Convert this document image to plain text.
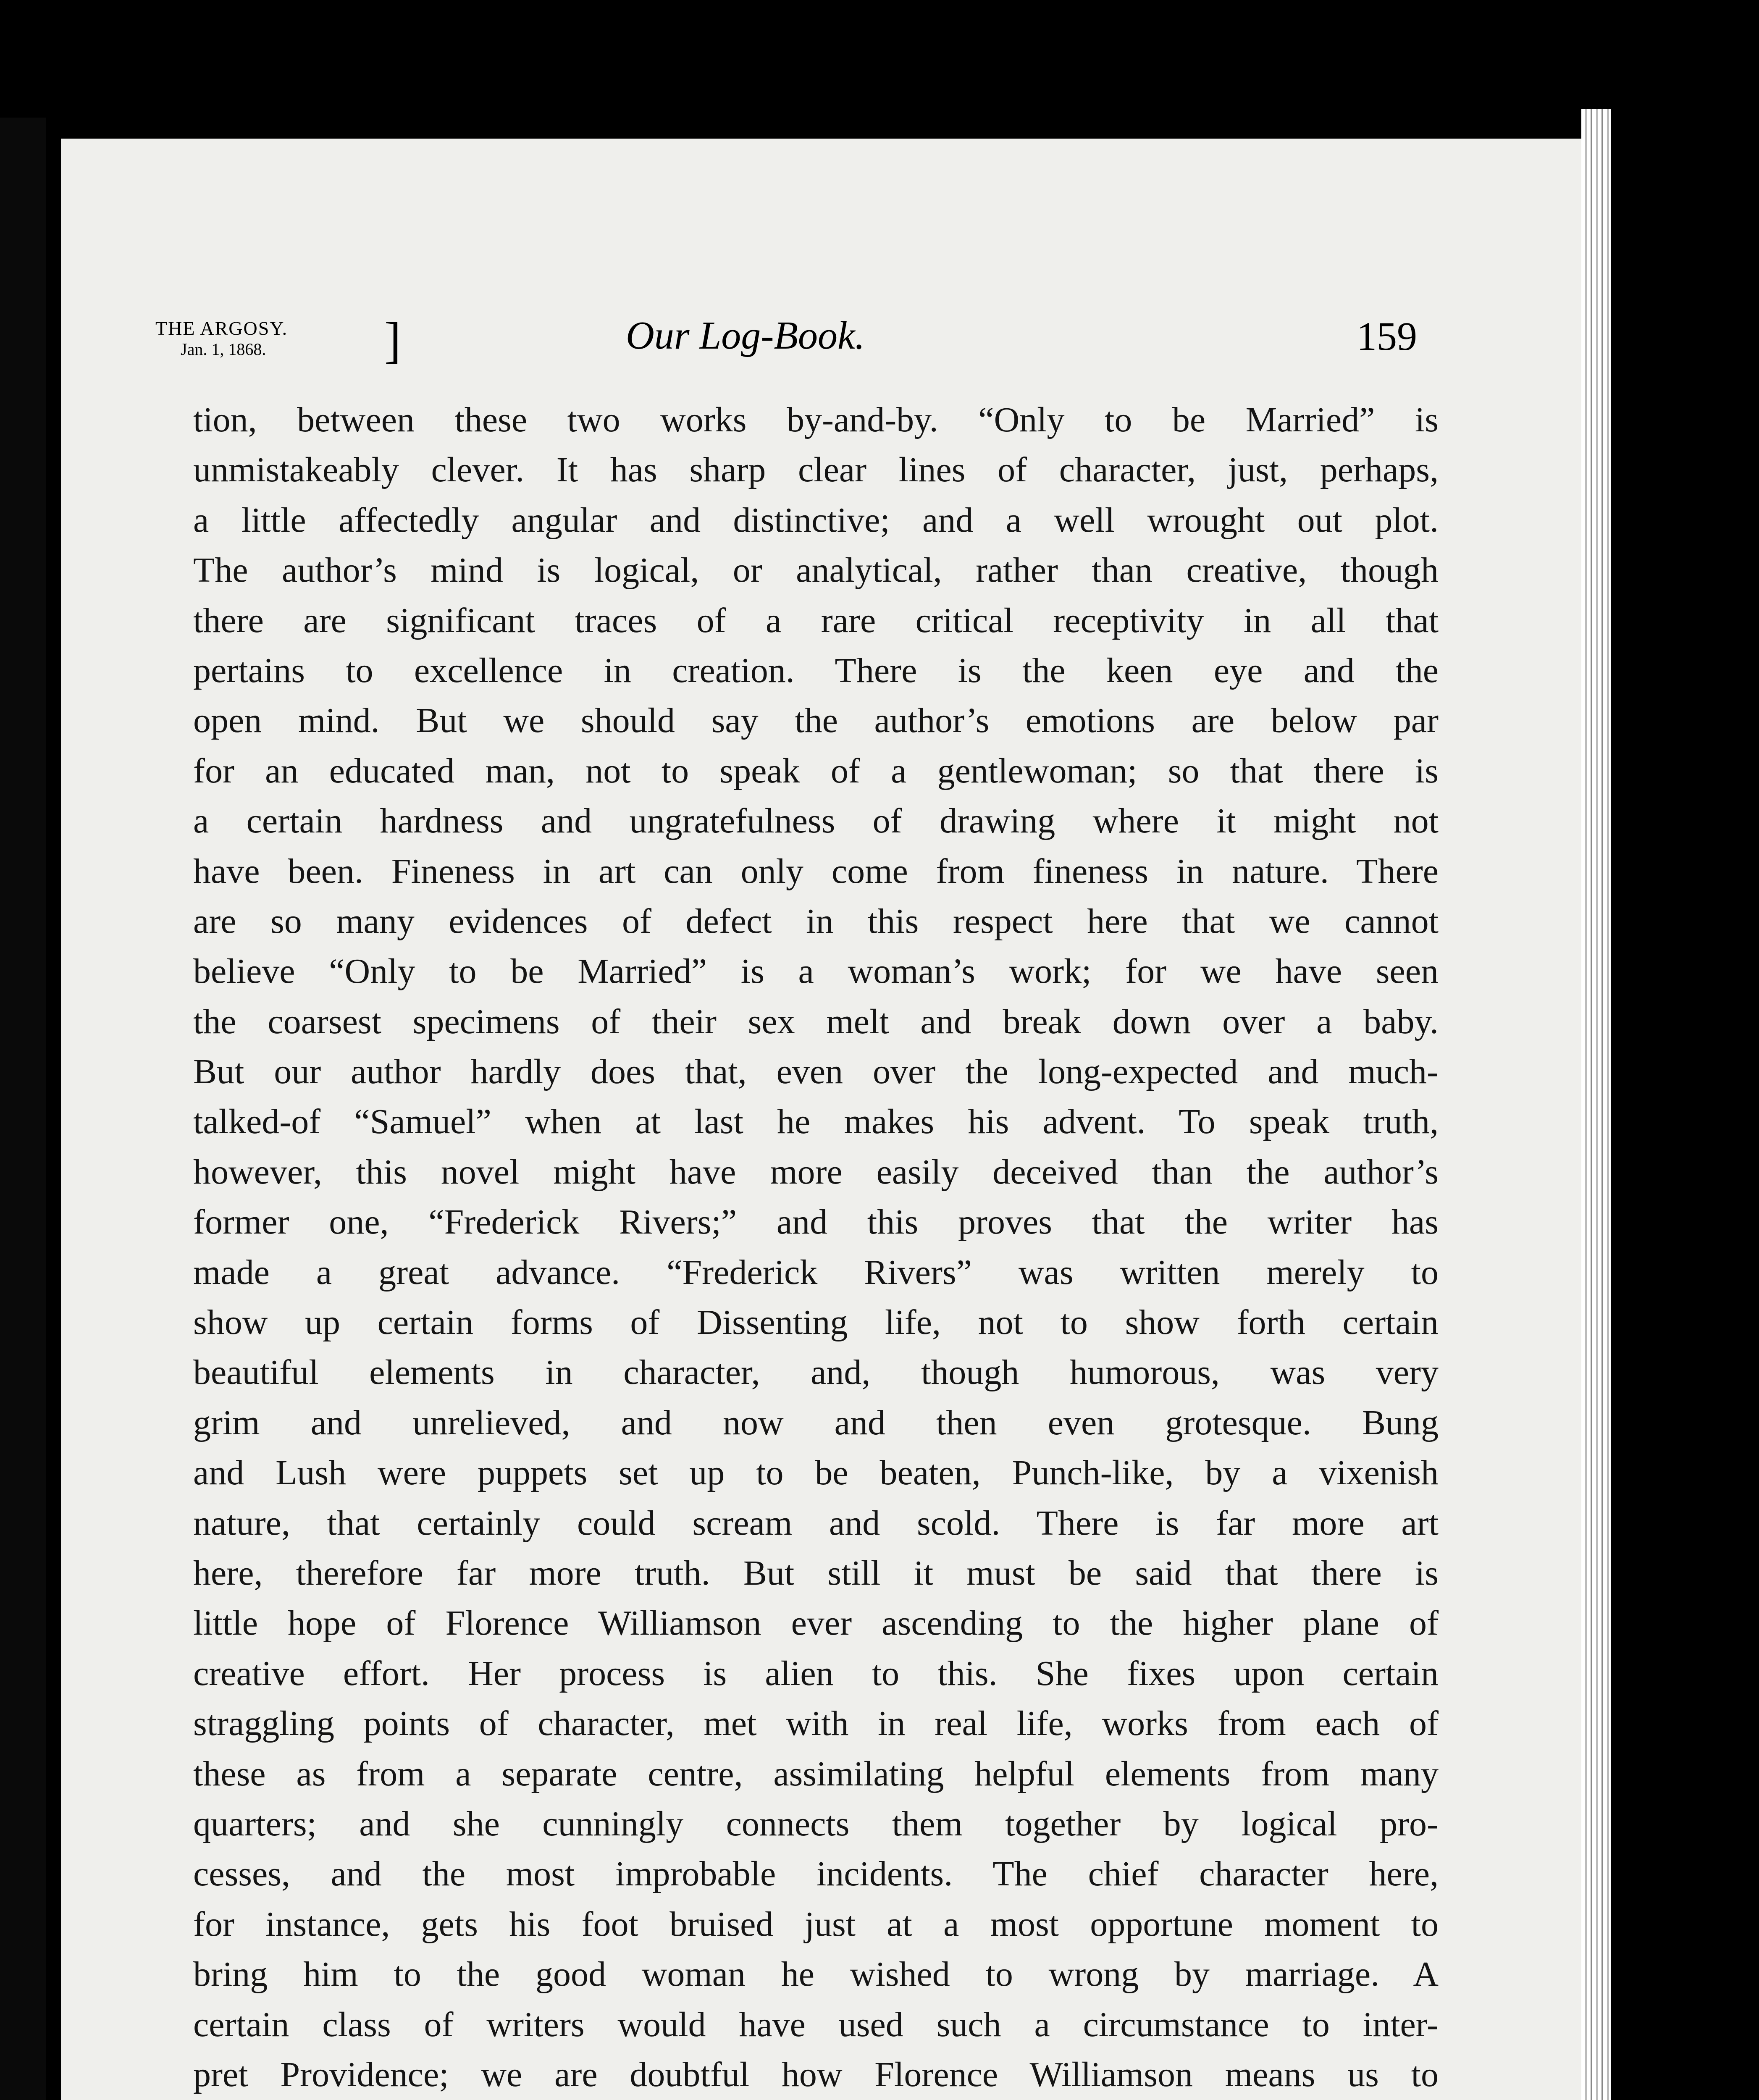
THE ARGOSY.
Jan. 1, 1868.	]	Our Log-Book.	159
tion, between these two works by-and-by. “Only to be Married” is
unmistakeably clever. It has sharp clear lines of character, just, perhaps,
a little affectedly angular and distinctive; and a well wrought out plot.
The author’s mind is logical, or analytical, rather than creative, though
there are significant traces of a rare critical receptivity in all that
pertains to excellence in creation. There is the keen eye and the
open mind. But we should say the author’s emotions are below par
for an educated man, not to speak of a gentlewoman; so that there is
a certain hardness and ungratefulness of drawing where it might not
have been. Fineness in art can only come from fineness in nature. There
are so many evidences of defect in this respect here that we cannot
believe “Only to be Married” is a woman’s work; for we have seen
the coarsest specimens of their sex melt and break down over a baby.
But our author hardly does that, even over the long-expected and much-
talked-of “Samuel” when at last he makes his advent. To speak truth,
however, this novel might have more easily deceived than the author’s
former one, “Frederick Rivers;” and this proves that the writer has
made a great advance. “Frederick Rivers” was written merely to
show up certain forms of Dissenting life, not to show forth certain
beautiful elements in character, and, though humorous, was very
grim and unrelieved, and now and then even grotesque. Bung
and Lush were puppets set up to be beaten, Punch-like, by a vixenish
nature, that certainly could scream and scold. There is far more art
here, therefore far more truth. But still it must be said that there is
little hope of Florence Williamson ever ascending to the higher plane of
creative effort. Her process is alien to this. She fixes upon certain
straggling points of character, met with in real life, works from each of
these as from a separate centre, assimilating helpful elements from many
quarters; and she cunningly connects them together by logical pro-
cesses, and the most improbable incidents. The chief character here,
for instance, gets his foot bruised just at a most opportune moment to
bring him to the good woman he wished to wrong by marriage. A
certain class of writers would have used such a circumstance to inter-
pret Providence; we are doubtful how Florence Williamson means us to
